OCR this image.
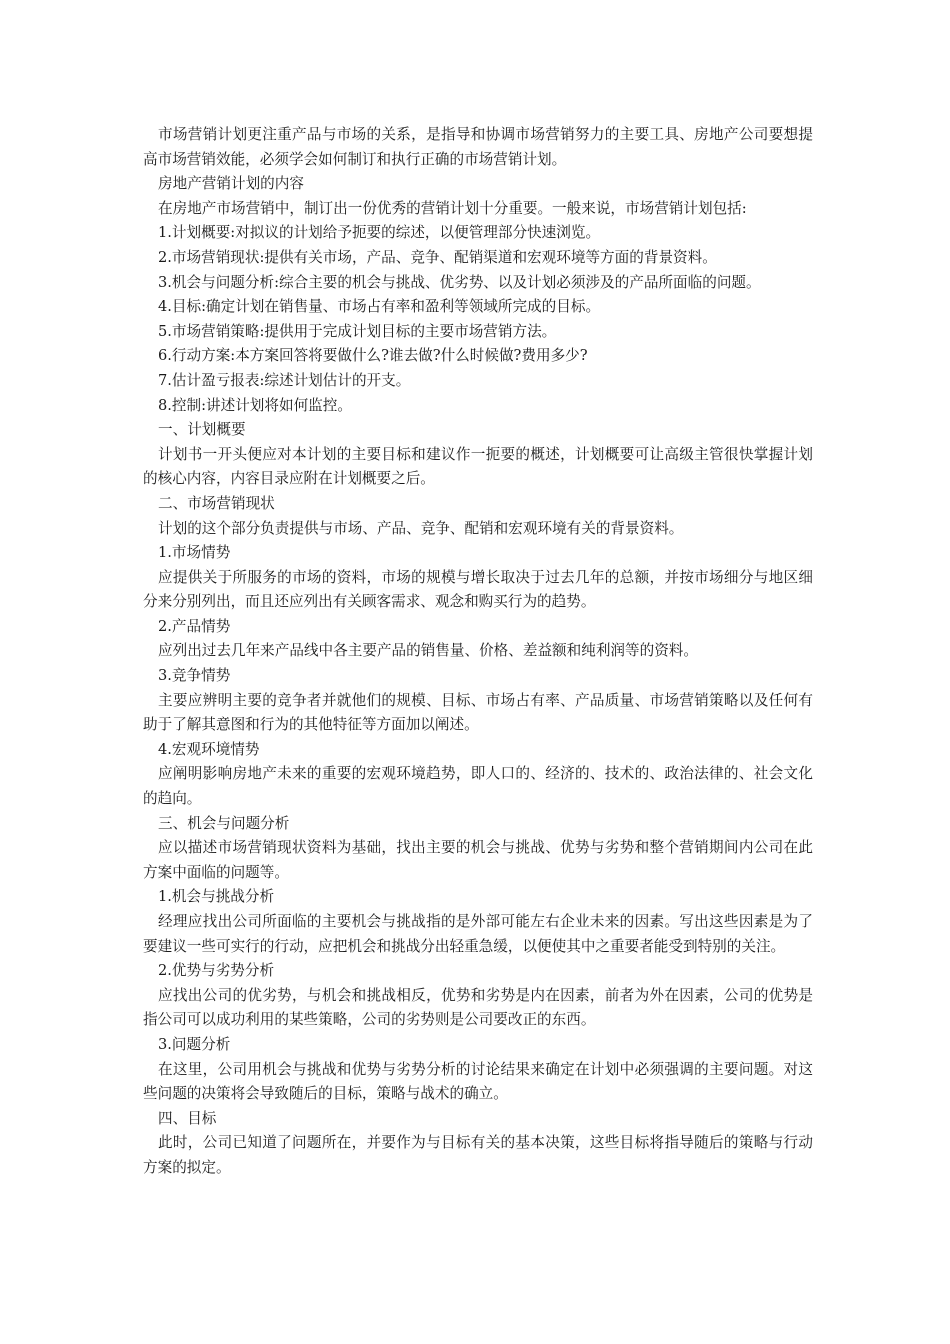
市场营销计划更注重产品与市场的关系，是指导和协调市场营销努力的主要工具、房地产公司要想提高市场营销效能，必须学会如何制订和执行正确的市场营销计划。

房地产营销计划的内容

在房地产市场营销中，制订出一份优秀的营销计划十分重要。一般来说，市场营销计划包括:

1.计划概要:对拟议的计划给予扼要的综述，以便管理部分快速浏览。

2.市场营销现状:提供有关市场，产品、竞争、配销渠道和宏观环境等方面的背景资料。

3.机会与问题分析:综合主要的机会与挑战、优劣势、以及计划必须涉及的产品所面临的问题。

4.目标:确定计划在销售量、市场占有率和盈利等领域所完成的目标。

5.市场营销策略:提供用于完成计划目标的主要市场营销方法。

6.行动方案:本方案回答将要做什么?谁去做?什么时候做?费用多少?

7.估计盈亏报表:综述计划估计的开支。

8.控制:讲述计划将如何监控。

一、计划概要

计划书一开头便应对本计划的主要目标和建议作一扼要的概述，计划概要可让高级主管很快掌握计划的核心内容，内容目录应附在计划概要之后。

二、市场营销现状

计划的这个部分负责提供与市场、产品、竞争、配销和宏观环境有关的背景资料。

1.市场情势

应提供关于所服务的市场的资料，市场的规模与增长取决于过去几年的总额，并按市场细分与地区细分来分别列出，而且还应列出有关顾客需求、观念和购买行为的趋势。

2.产品情势

应列出过去几年来产品线中各主要产品的销售量、价格、差益额和纯利润等的资料。

3.竞争情势

主要应辨明主要的竞争者并就他们的规模、目标、市场占有率、产品质量、市场营销策略以及任何有助于了解其意图和行为的其他特征等方面加以阐述。

4.宏观环境情势

应阐明影响房地产未来的重要的宏观环境趋势，即人口的、经济的、技术的、政治法律的、社会文化的趋向。

三、机会与问题分析

应以描述市场营销现状资料为基础，找出主要的机会与挑战、优势与劣势和整个营销期间内公司在此方案中面临的问题等。

1.机会与挑战分析

经理应找出公司所面临的主要机会与挑战指的是外部可能左右企业未来的因素。写出这些因素是为了要建议一些可实行的行动，应把机会和挑战分出轻重急缓，以便使其中之重要者能受到特别的关注。

2.优势与劣势分析

应找出公司的优劣势，与机会和挑战相反，优势和劣势是内在因素，前者为外在因素，公司的优势是指公司可以成功利用的某些策略，公司的劣势则是公司要改正的东西。

3.问题分析

在这里，公司用机会与挑战和优势与劣势分析的讨论结果来确定在计划中必须强调的主要问题。对这些问题的决策将会导致随后的目标，策略与战术的确立。

四、目标

此时，公司已知道了问题所在，并要作为与目标有关的基本决策，这些目标将指导随后的策略与行动方案的拟定。
